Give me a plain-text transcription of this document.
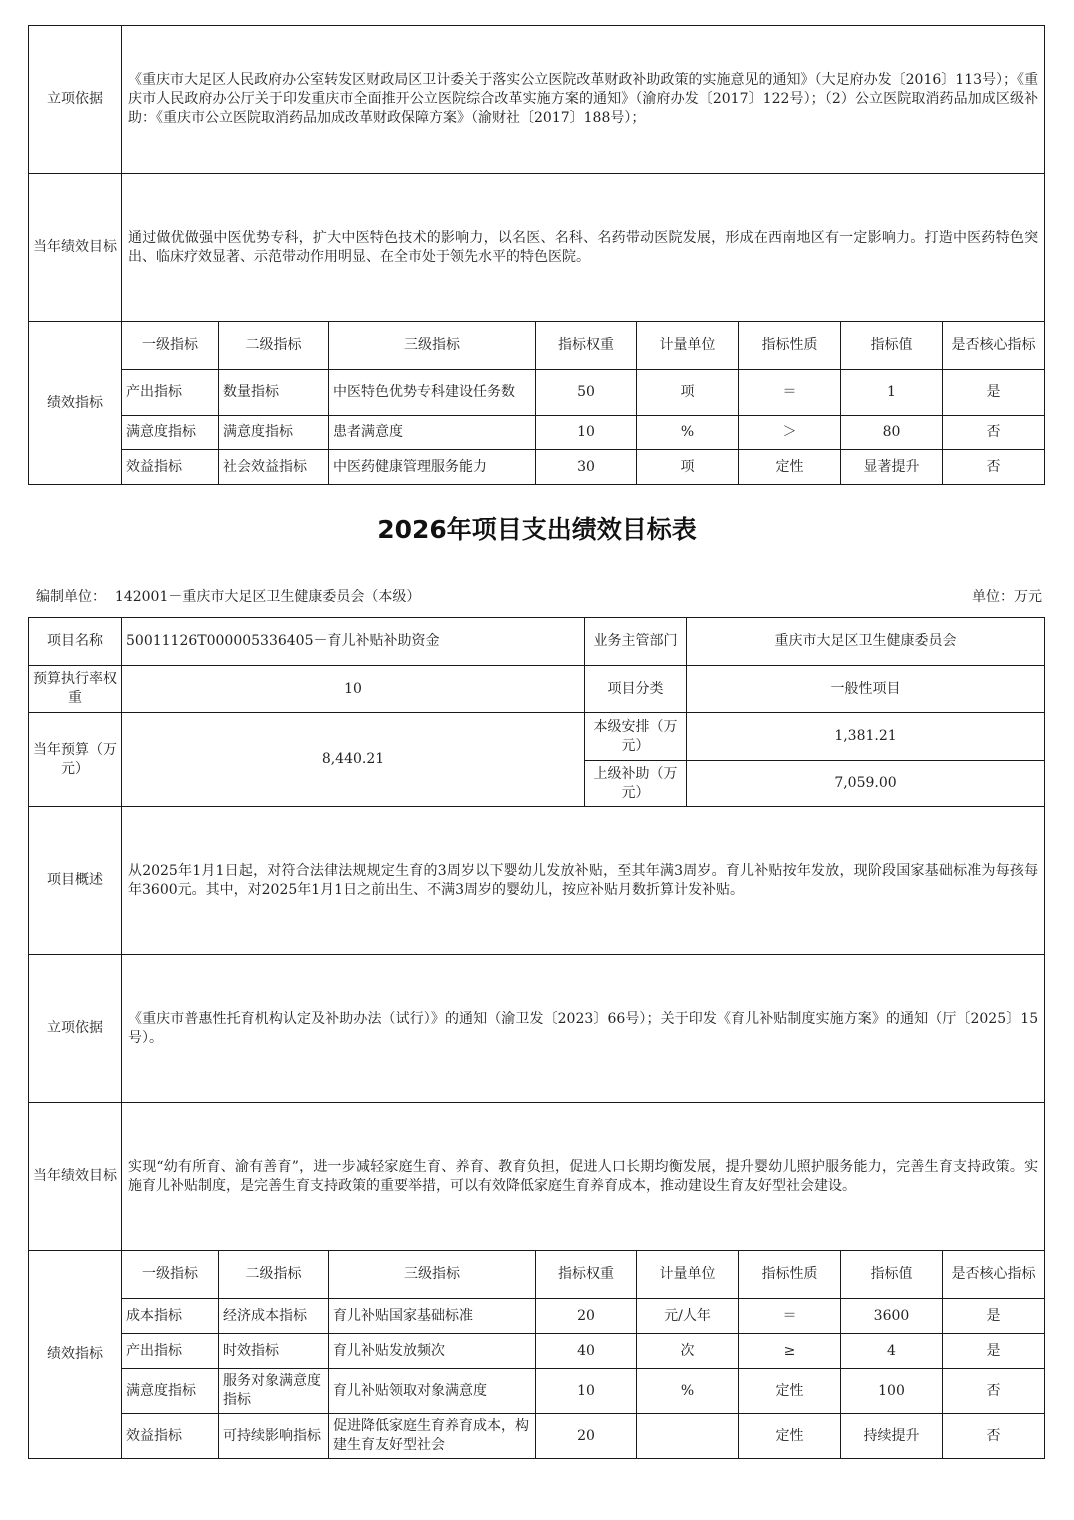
立项依据	《重庆市大足区人民政府办公室转发区财政局区卫计委关于落实公立医院改革财政补助政策的实施意见的通知》（大足府办发〔2016〕113号）；《重庆市人民政府办公厅关于印发重庆市全面推开公立医院综合改革实施方案的通知》（渝府办发〔2017〕122号）；（2）公立医院取消药品加成区级补助：《重庆市公立医院取消药品加成改革财政保障方案》（渝财社〔2017〕188号）；							
当年绩效目标	通过做优做强中医优势专科，扩大中医特色技术的影响力，以名医、名科、名药带动医院发展，形成在西南地区有一定影响力。打造中医药特色突出、临床疗效显著、示范带动作用明显、在全市处于领先水平的特色医院。							
绩效指标	一级指标	二级指标	三级指标	指标权重	计量单位	指标性质	指标值	是否核心指标
	产出指标	数量指标	中医特色优势专科建设任务数	50	项	＝	1	是
	满意度指标	满意度指标	患者满意度	10	%	＞	80	否
	效益指标	社会效益指标	中医药健康管理服务能力	30	项	定性	显著提升	否
2026年项目支出绩效目标表
编制单位： 142001－重庆市大足区卫生健康委员会（本级）	单位：万元
项目名称	50011126T000005336405－育儿补贴补助资金	业务主管部门	重庆市大足区卫生健康委员会
预算执行率权重	10	项目分类	一般性项目
当年预算（万元）	8,440.21	本级安排（万元）	1,381.21
		上级补助（万元）	7,059.00
项目概述	从2025年1月1日起，对符合法律法规规定生育的3周岁以下婴幼儿发放补贴，至其年满3周岁。育儿补贴按年发放，现阶段国家基础标准为每孩每年3600元。其中，对2025年1月1日之前出生、不满3周岁的婴幼儿，按应补贴月数折算计发补贴。							
立项依据	《重庆市普惠性托育机构认定及补助办法（试行）》的通知（渝卫发〔2023〕66号）；关于印发《育儿补贴制度实施方案》的通知（厅〔2025〕15号）。							
当年绩效目标	实现“幼有所育、渝有善育”，进一步减轻家庭生育、养育、教育负担，促进人口长期均衡发展，提升婴幼儿照护服务能力，完善生育支持政策。实施育儿补贴制度，是完善生育支持政策的重要举措，可以有效降低家庭生育养育成本，推动建设生育友好型社会建设。							
绩效指标	一级指标	二级指标	三级指标	指标权重	计量单位	指标性质	指标值	是否核心指标
	成本指标	经济成本指标	育儿补贴国家基础标准	20	元/人年	＝	3600	是
	产出指标	时效指标	育儿补贴发放频次	40	次	≥	4	是
	满意度指标	服务对象满意度指标	育儿补贴领取对象满意度	10	%	定性	100	否
	效益指标	可持续影响指标	促进降低家庭生育养育成本，构建生育友好型社会	20		定性	持续提升	否
